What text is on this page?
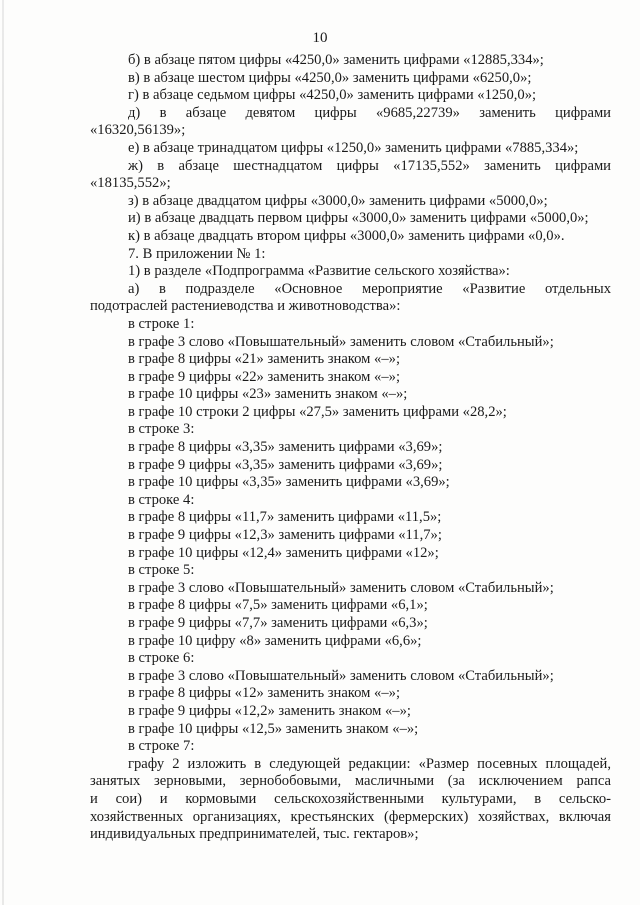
10
б) в абзаце пятом цифры «4250,0» заменить цифрами «12885,334»;
в) в абзаце шестом цифры «4250,0» заменить цифрами «6250,0»;
г) в абзаце седьмом цифры «4250,0» заменить цифрами «1250,0»;
д) в абзаце девятом цифры «9685,22739» заменить цифрами
«16320,56139»;
е) в абзаце тринадцатом цифры «1250,0» заменить цифрами «7885,334»;
ж) в абзаце шестнадцатом цифры «17135,552» заменить цифрами
«18135,552»;
з) в абзаце двадцатом цифры «3000,0» заменить цифрами «5000,0»;
и) в абзаце двадцать первом цифры «3000,0» заменить цифрами «5000,0»;
к) в абзаце двадцать втором цифры «3000,0» заменить цифрами «0,0».
7. В приложении № 1:
1) в разделе «Подпрограмма «Развитие сельского хозяйства»:
а) в подразделе «Основное мероприятие «Развитие отдельных
подотраслей растениеводства и животноводства»:
в строке 1:
в графе 3 слово «Повышательный» заменить словом «Стабильный»;
в графе 8 цифры «21» заменить знаком «–»;
в графе 9 цифры «22» заменить знаком «–»;
в графе 10 цифры «23» заменить знаком «–»;
в графе 10 строки 2 цифры «27,5» заменить цифрами «28,2»;
в строке 3:
в графе 8 цифры «3,35» заменить цифрами «3,69»;
в графе 9 цифры «3,35» заменить цифрами «3,69»;
в графе 10 цифры «3,35» заменить цифрами «3,69»;
в строке 4:
в графе 8 цифры «11,7» заменить цифрами «11,5»;
в графе 9 цифры «12,3» заменить цифрами «11,7»;
в графе 10 цифры «12,4» заменить цифрами «12»;
в строке 5:
в графе 3 слово «Повышательный» заменить словом «Стабильный»;
в графе 8 цифры «7,5» заменить цифрами «6,1»;
в графе 9 цифры «7,7» заменить цифрами «6,3»;
в графе 10 цифру «8» заменить цифрами «6,6»;
в строке 6:
в графе 3 слово «Повышательный» заменить словом «Стабильный»;
в графе 8 цифры «12» заменить знаком «–»;
в графе 9 цифры «12,2» заменить знаком «–»;
в графе 10 цифры «12,5» заменить знаком «–»;
в строке 7:
графу 2 изложить в следующей редакции: «Размер посевных площадей,
занятых зерновыми, зернобобовыми, масличными (за исключением рапса
и сои) и кормовыми сельскохозяйственными культурами, в сельско-
хозяйственных организациях, крестьянских (фермерских) хозяйствах, включая
индивидуальных предпринимателей, тыс. гектаров»;
